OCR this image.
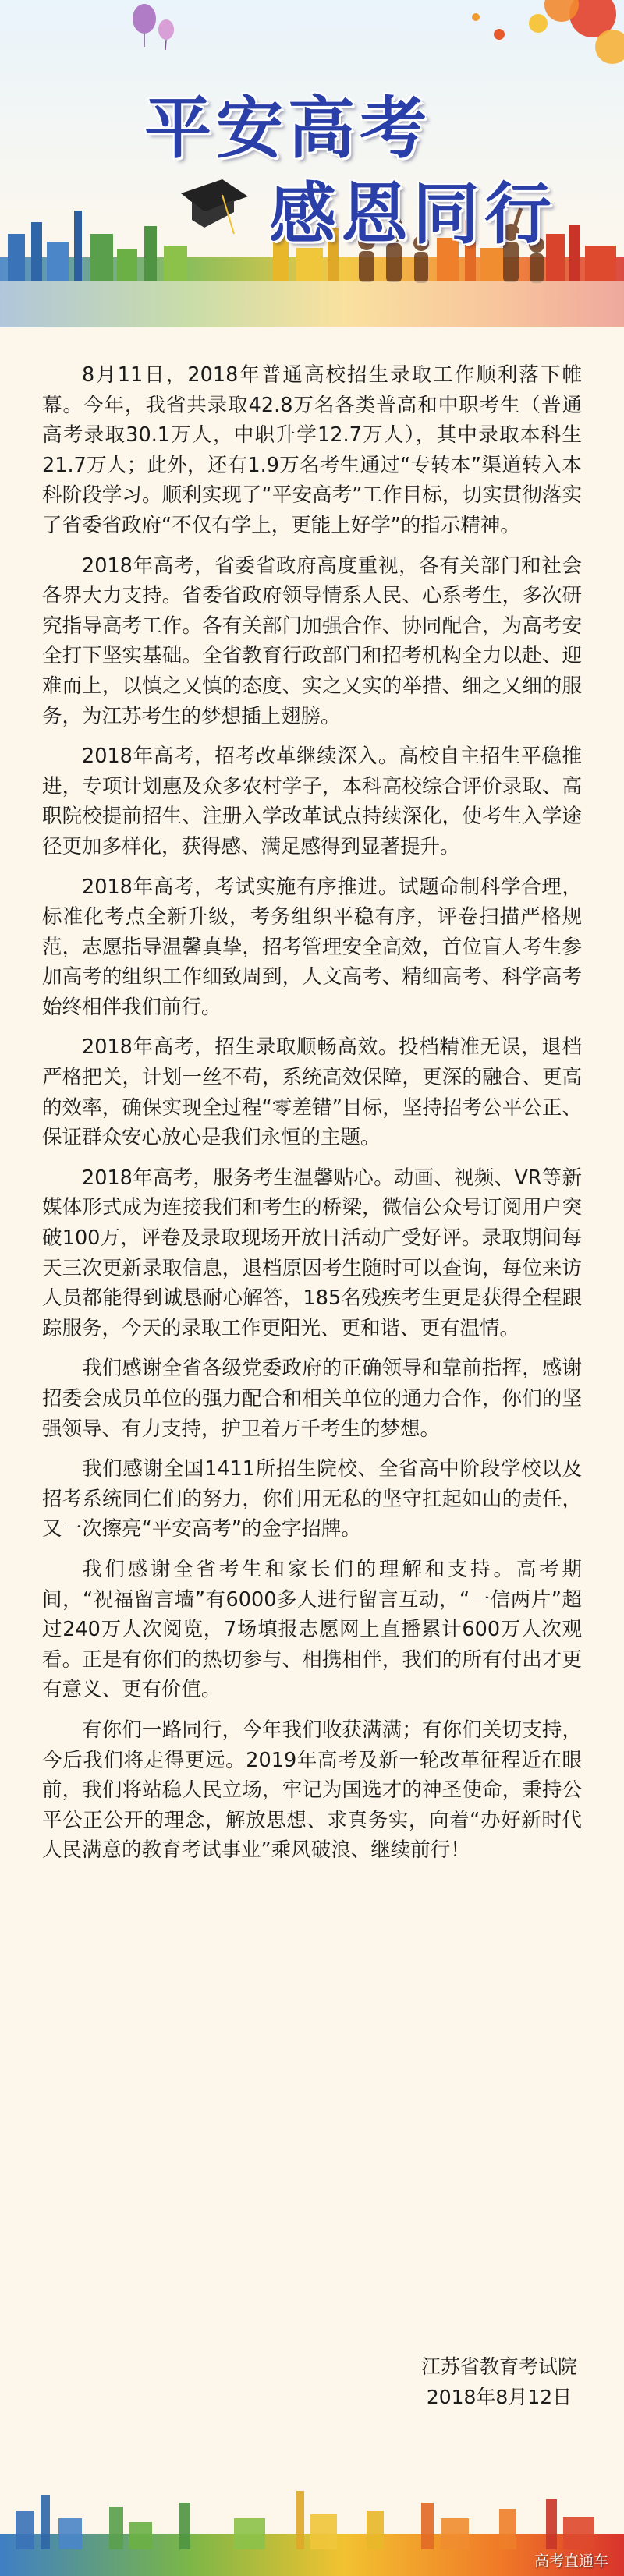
平安高考
感恩同行

8月11日，2018年普通高校招生录取工作顺利落下帷幕。今年，我省共录取42.8万名各类普高和中职考生（普通高考录取30.1万人，中职升学12.7万人），其中录取本科生21.7万人；此外，还有1.9万名考生通过“专转本”渠道转入本科阶段学习。顺利实现了“平安高考”工作目标，切实贯彻落实了省委省政府“不仅有学上，更能上好学”的指示精神。

2018年高考，省委省政府高度重视，各有关部门和社会各界大力支持。省委省政府领导情系人民、心系考生，多次研究指导高考工作。各有关部门加强合作、协同配合，为高考安全打下坚实基础。全省教育行政部门和招考机构全力以赴、迎难而上，以慎之又慎的态度、实之又实的举措、细之又细的服务，为江苏考生的梦想插上翅膀。

2018年高考，招考改革继续深入。高校自主招生平稳推进，专项计划惠及众多农村学子，本科高校综合评价录取、高职院校提前招生、注册入学改革试点持续深化，使考生入学途径更加多样化，获得感、满足感得到显著提升。

2018年高考，考试实施有序推进。试题命制科学合理，标准化考点全新升级，考务组织平稳有序，评卷扫描严格规范，志愿指导温馨真挚，招考管理安全高效，首位盲人考生参加高考的组织工作细致周到，人文高考、精细高考、科学高考始终相伴我们前行。

2018年高考，招生录取顺畅高效。投档精准无误，退档严格把关，计划一丝不苟，系统高效保障，更深的融合、更高的效率，确保实现全过程“零差错”目标，坚持招考公平公正、保证群众安心放心是我们永恒的主题。

2018年高考，服务考生温馨贴心。动画、视频、VR等新媒体形式成为连接我们和考生的桥梁，微信公众号订阅用户突破100万，评卷及录取现场开放日活动广受好评。录取期间每天三次更新录取信息，退档原因考生随时可以查询，每位来访人员都能得到诚恳耐心解答，185名残疾考生更是获得全程跟踪服务，今天的录取工作更阳光、更和谐、更有温情。

我们感谢全省各级党委政府的正确领导和靠前指挥，感谢招委会成员单位的强力配合和相关单位的通力合作，你们的坚强领导、有力支持，护卫着万千考生的梦想。

我们感谢全国1411所招生院校、全省高中阶段学校以及招考系统同仁们的努力，你们用无私的坚守扛起如山的责任，又一次擦亮“平安高考”的金字招牌。

我们感谢全省考生和家长们的理解和支持。高考期间，“祝福留言墙”有6000多人进行留言互动，“一信两片”超过240万人次阅览，7场填报志愿网上直播累计600万人次观看。正是有你们的热切参与、相携相伴，我们的所有付出才更有意义、更有价值。

有你们一路同行，今年我们收获满满；有你们关切支持，今后我们将走得更远。2019年高考及新一轮改革征程近在眼前，我们将站稳人民立场，牢记为国选才的神圣使命，秉持公平公正公开的理念，解放思想、求真务实，向着“办好新时代人民满意的教育考试事业”乘风破浪、继续前行！

江苏省教育考试院
2018年8月12日
高考直通车
